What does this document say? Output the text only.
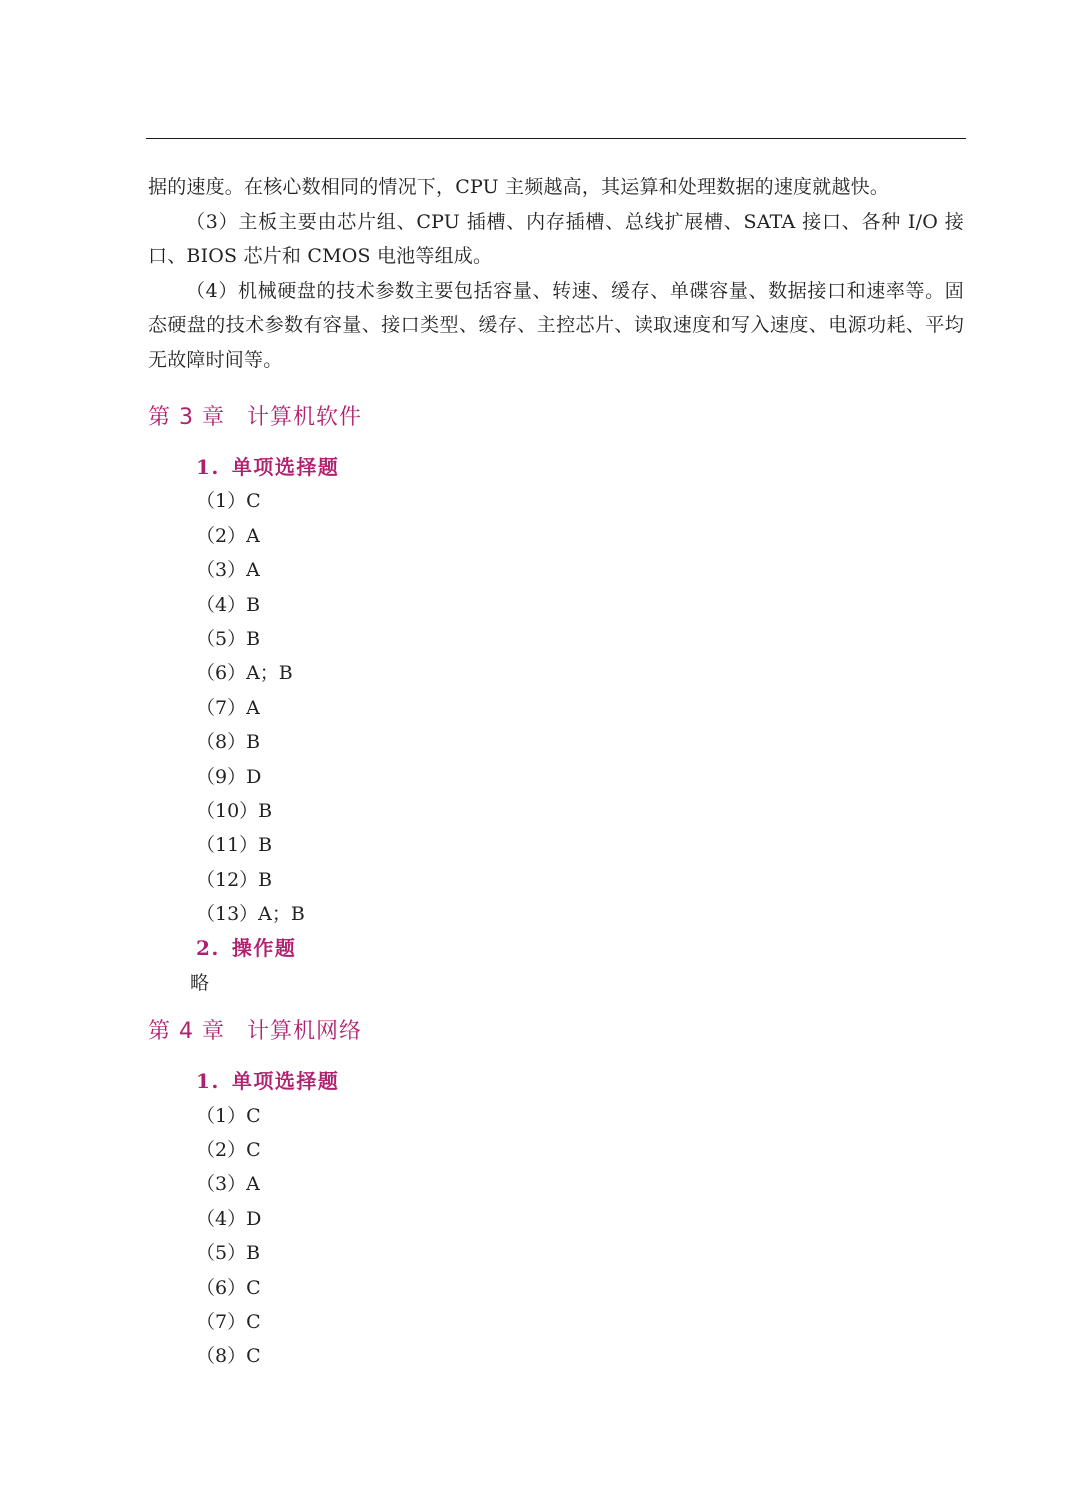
据的速度。在核心数相同的情况下，CPU 主频越高，其运算和处理数据的速度就越快。

（3）主板主要由芯片组、CPU 插槽、内存插槽、总线扩展槽、SATA 接口、各种 I/O 接口、BIOS 芯片和 CMOS 电池等组成。

（4）机械硬盘的技术参数主要包括容量、转速、缓存、单碟容量、数据接口和速率等。固态硬盘的技术参数有容量、接口类型、缓存、主控芯片、读取速度和写入速度、电源功耗、平均无故障时间等。

第 3 章 计算机软件
1. 单项选择题

（1）C

（2）A

（3）A

（4）B

（5）B

（6）A；B

（7）A

（8）B

（9）D

（10）B

（11）B

（12）B

（13）A；B

2. 操作题

略

第 4 章 计算机网络
1. 单项选择题

（1）C

（2）C

（3）A

（4）D

（5）B

（6）C

（7）C

（8）C
